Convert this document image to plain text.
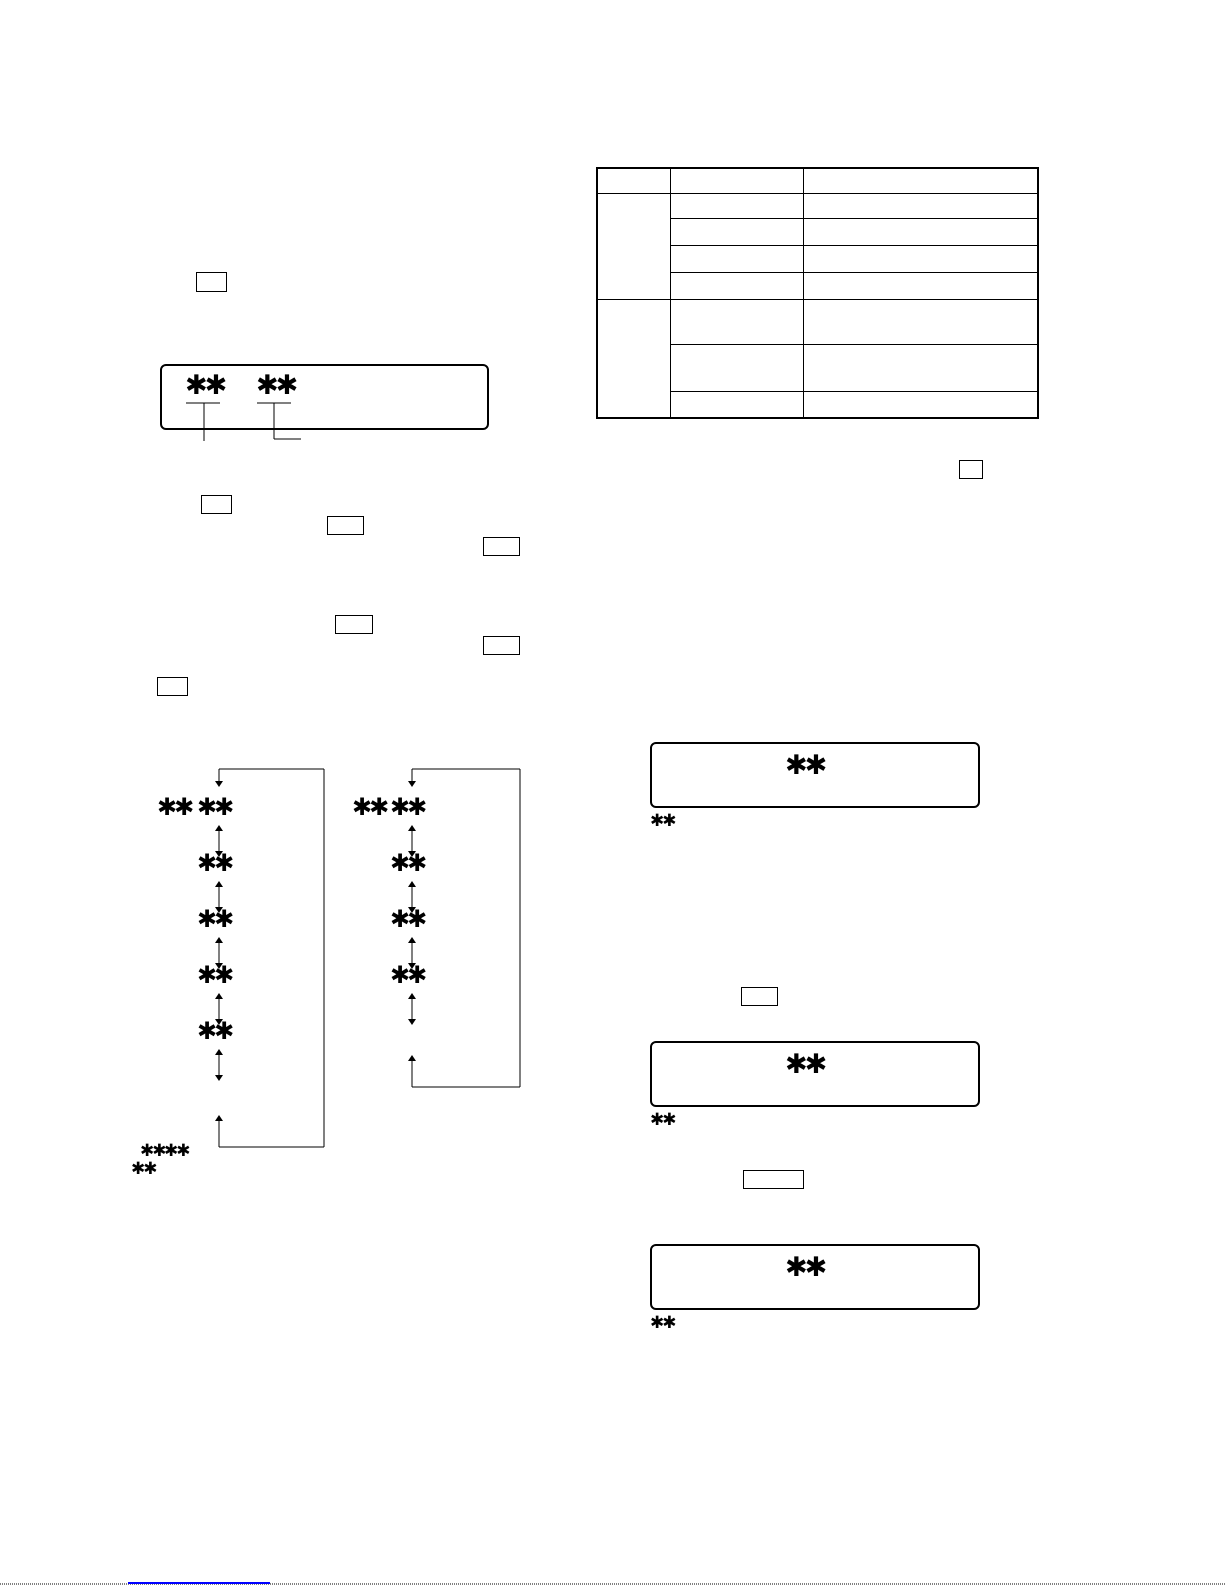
✱✱ ✱✱
✱✱ ✱✱
✱✱
✱✱
✱✱
✱✱
✱✱ ✱✱
✱✱
✱✱
✱✱
✱✱ ✱✱
✱✱

✱✱
✱✱
✱✱
✱✱
✱✱
✱✱
